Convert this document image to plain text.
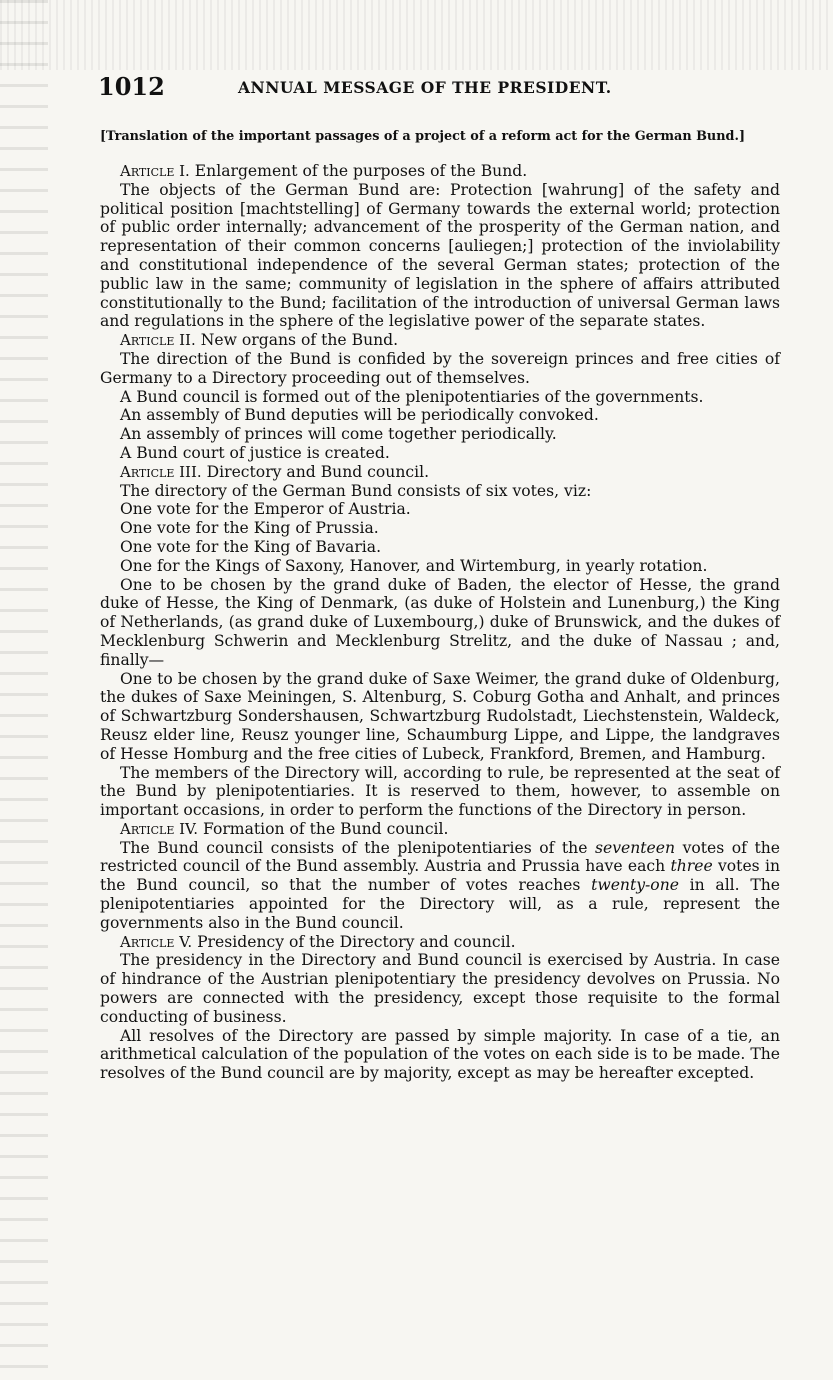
1012	ANNUAL MESSAGE OF THE PRESIDENT.
[Translation of the important passages of a project of a reform act for the German Bund.]

Article I. Enlargement of the purposes of the Bund.

The objects of the German Bund are: Protection [wahrung] of the safety and political position [machtstelling] of Germany towards the external world; protection of public order internally; advancement of the prosperity of the German nation, and representation of their common concerns [auliegen;] protection of the inviolability and constitutional independence of the several German states; protection of the public law in the same; community of legislation in the sphere of affairs attributed constitutionally to the Bund; facilitation of the introduction of universal German laws and regulations in the sphere of the legislative power of the separate states.

Article II. New organs of the Bund.

The direction of the Bund is confided by the sovereign princes and free cities of Germany to a Directory proceeding out of themselves.

A Bund council is formed out of the plenipotentiaries of the governments.

An assembly of Bund deputies will be periodically convoked.

An assembly of princes will come together periodically.

A Bund court of justice is created.

Article III. Directory and Bund council.

The directory of the German Bund consists of six votes, viz:

One vote for the Emperor of Austria.

One vote for the King of Prussia.

One vote for the King of Bavaria.

One for the Kings of Saxony, Hanover, and Wirtemburg, in yearly rotation.

One to be chosen by the grand duke of Baden, the elector of Hesse, the grand duke of Hesse, the King of Denmark, (as duke of Holstein and Lunenburg,) the King of Netherlands, (as grand duke of Luxembourg,) duke of Brunswick, and the dukes of Mecklenburg Schwerin and Mecklenburg Strelitz, and the duke of Nassau ; and, finally—

One to be chosen by the grand duke of Saxe Weimer, the grand duke of Oldenburg, the dukes of Saxe Meiningen, S. Altenburg, S. Coburg Gotha and Anhalt, and princes of Schwartzburg Sondershausen, Schwartzburg Rudolstadt, Liechstenstein, Waldeck, Reusz elder line, Reusz younger line, Schaumburg Lippe, and Lippe, the landgraves of Hesse Homburg and the free cities of Lubeck, Frankford, Bremen, and Hamburg.

The members of the Directory will, according to rule, be represented at the seat of the Bund by plenipotentiaries. It is reserved to them, however, to assemble on important occasions, in order to perform the functions of the Directory in person.

Article IV. Formation of the Bund council.

The Bund council consists of the plenipotentiaries of the seventeen votes of the restricted council of the Bund assembly. Austria and Prussia have each three votes in the Bund council, so that the number of votes reaches twenty-one in all. The plenipotentiaries appointed for the Directory will, as a rule, represent the governments also in the Bund council.

Article V. Presidency of the Directory and council.

The presidency in the Directory and Bund council is exercised by Austria. In case of hindrance of the Austrian plenipotentiary the presidency devolves on Prussia. No powers are connected with the presidency, except those requisite to the formal conducting of business.

All resolves of the Directory are passed by simple majority. In case of a tie, an arithmetical calculation of the population of the votes on each side is to be made. The resolves of the Bund council are by majority, except as may be hereafter excepted.
